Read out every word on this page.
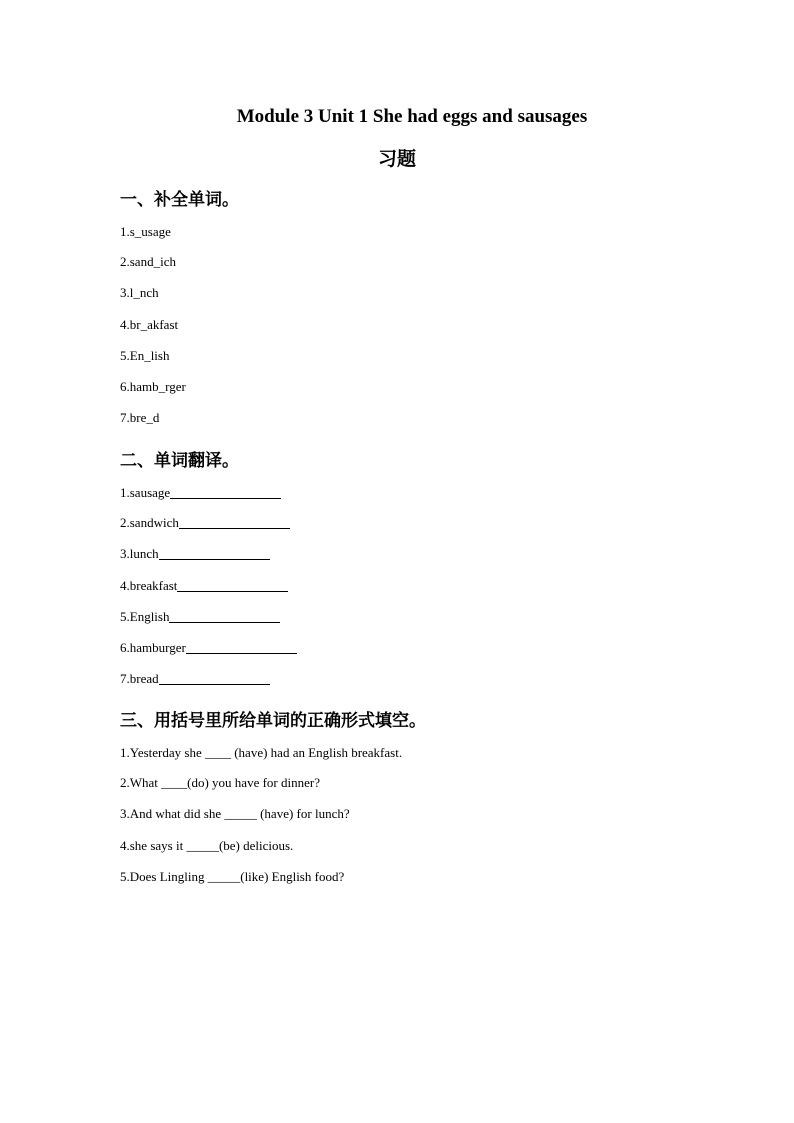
Module 3 Unit 1 She had eggs and sausages
习题
一、补全单词。
1.s_usage
2.sand_ich
3.l_nch
4.br_akfast
5.En_lish
6.hamb_rger
7.bre_d
二、单词翻译。
1.sausage
2.sandwich
3.lunch
4.breakfast
5.English
6.hamburger
7.bread
三、用括号里所给单词的正确形式填空。
1.Yesterday she ____ (have) had an English breakfast.
2.What ____(do) you have for dinner?
3.And what did she _____ (have) for lunch?
4.she says it _____(be) delicious.
5.Does Lingling _____(like) English food?
